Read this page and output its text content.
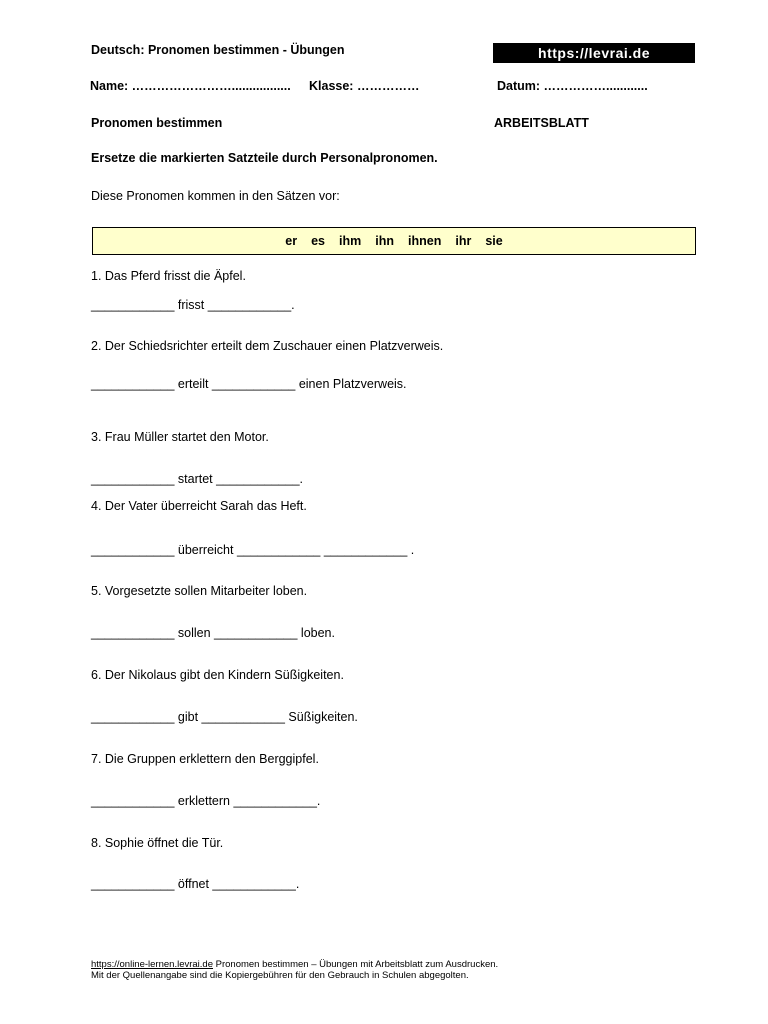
Deutsch: Pronomen bestimmen - Übungen	https://levrai.de
Name: ……………………................. Klasse: ……………	Datum: ……………............
Pronomen bestimmen	ARBEITSBLATT
Ersetze die markierten Satzteile durch Personalpronomen.
Diese Pronomen kommen in den Sätzen vor:
er es ihm ihn ihnen ihr sie
1. Das Pferd frisst die Äpfel.
____________ frisst ____________.
2. Der Schiedsrichter erteilt dem Zuschauer einen Platzverweis.
____________ erteilt ____________ einen Platzverweis.
3. Frau Müller startet den Motor.
____________ startet ____________.
4. Der Vater überreicht Sarah das Heft.
____________ überreicht ____________ ____________ .
5. Vorgesetzte sollen Mitarbeiter loben.
____________ sollen ____________ loben.
6. Der Nikolaus gibt den Kindern Süßigkeiten.
____________ gibt ____________ Süßigkeiten.
7. Die Gruppen erklettern den Berggipfel.
____________ erklettern ____________.
8. Sophie öffnet die Tür.
____________ öffnet ____________.
https://online-lernen.levrai.de Pronomen bestimmen – Übungen mit Arbeitsblatt zum Ausdrucken.
Mit der Quellenangabe sind die Kopiergebühren für den Gebrauch in Schulen abgegolten.
